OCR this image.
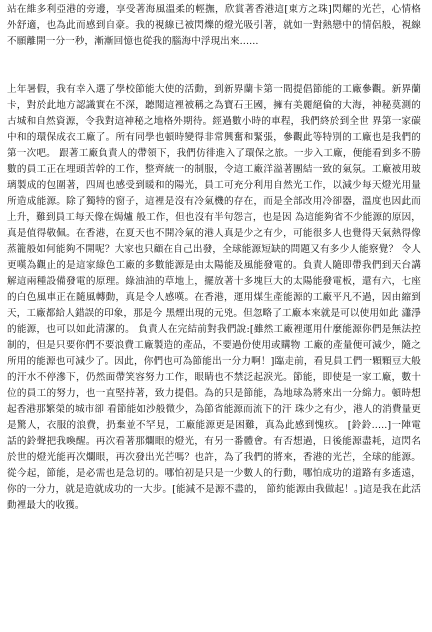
站在維多利亞港的旁邊，享受著海風溫柔的輕撫，欣賞著香港這[東方之珠]閃耀的光芒，心情格外舒適，也為此而感到自豪。我的視線已被閃爍的燈光吸引著，就如一對熱戀中的情侶般，視線不願離開一分一秒，漸漸回憶也從我的腦海中浮現出來......
上年暑假，我有幸入選了學校節能大使的活動，到新界蘭卡第一間提倡節能的工廠參觀。新界蘭卡，對於此地方認識實在不深，聽聞這裡被稱之為寶石王國，擁有美麗絕倫的大海，神秘莫測的古城和自然資源，令我對這神秘之地格外期待。經過數小時的車程，我們終於到全世 界第一家碳中和的環保成衣工廠了。所有同學也頓時變得非常興奮和緊張，參觀此等特別的工廠也是我們的第一次吧。 跟著工廠負責人的帶領下，我們仿徘進入了環保之旅。一步入工廠，便能看到多不勝數的員工正在埋頭苦幹的工作，整齊統一的制服，令這工廠洋溢著團結一致的氣氛。工廠被用玻璃製成的包圍著，四周也感受到暖和的陽光，員工可充分利用自然光工作，以減少每天燈光用量所造成能源。除了獨特的窗子，這裡是沒有冷氣機的存在，而是全部改用冷卻器，溫度也因此而上升，難到員工每天像在焗爐 般工作，但也沒有半句怨言，也是因 為這能夠省不少能源的原因，真是值得敬佩。在香港，在夏天也不開冷氣的港人真是少之有少，可能很多人也覺得天氣熱得像蒸籠般如何能夠不開呢？大家也只顧在自己出發，全球能源短缺的問題又有多少人能察覺？ 令人更嘆為觀止的是這家綠色工廠的多數能源是由太陽能及風能發電的。負責人隨即帶我們到天台講解這兩種設備發電的原理。綠油油的草地上，擺放著十多塊巨大的太陽能發電板，還有六，七座的白色風車正在隨風轉動，真是令人感嘆。在香港，運用煤生產能源的工廠平凡不過，因由縮到天，工廠都給人錯誤的印象，那是今 黑煙出現的元兇。但忽略了工廠本來就是可以使用如此 瀟淨的能源，也可以如此清潔的。 負責人在完結前對我們說:[雖然工廠裡運用什麼能源你們是無法控制的，但是只要你們不要浪費工廠製造的產品，不要過份使用或購物 工廠的產量便可減少，隨之所用的能源也可減少了。因此，你們也可為節能出一分力啊！]臨走前，看見員工們一顆顆豆大般的汗水不停滲下，仍然面帶笑容努力工作，眼睛也不禁泛起淚光。節能，即使是一家工廠，數十位的員工的努力，也一直堅持著，致力提倡。為的只是節能，為地球為將來出一分綿力。頓時想起香港那繁榮的城市卻 看節能如沙般微少，為節省能源而流下的汗 珠少之有少，港人的消費量更是驚人，衣服的浪費，扔棄並不罕見，工廠能源更是困難，真為此感到愧疚。 [鈴鈴.....]一陣電話的鈴聲把我喚醒。再次看著那爛眼的燈光，有另一番體會。有否想過，日後能源盡耗，這閃名於世的燈光能再次爛眼，再次發出光芒嗎？也許，為了我們的將來，香港的光芒，全球的能源。從今起，節能，是必需也是急切的。哪怕初是只是一少數人的行動，哪怕成功的道路有多遙遠，你的一分力，就是造就成功的一大步。[能減不是源不盡的， 節約能源由我做起！。]這是我在此活動裡最大的收獲。
